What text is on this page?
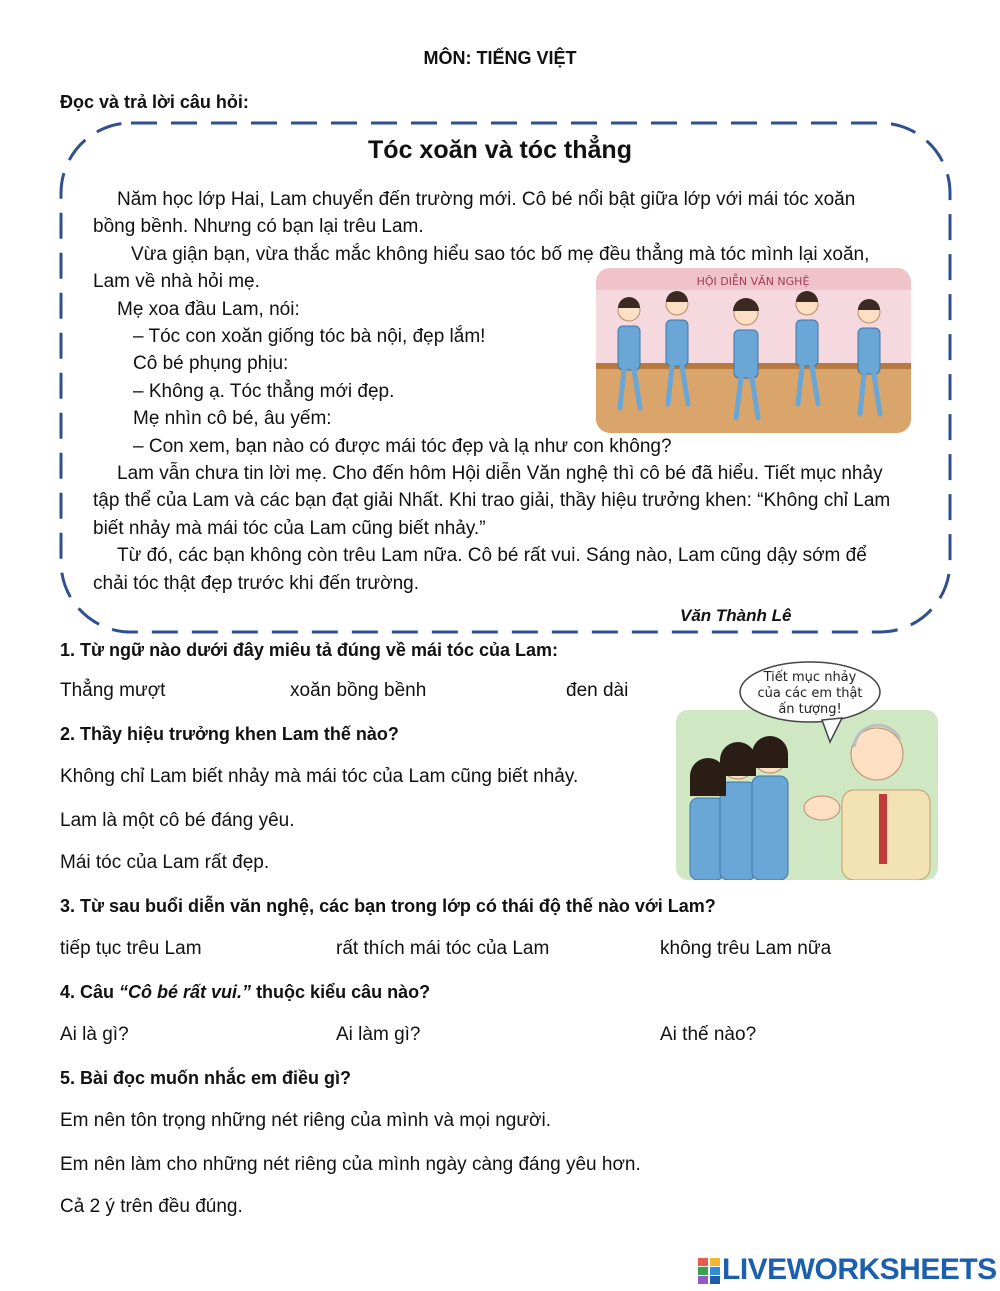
MÔN: TIẾNG VIỆT
Đọc và trả lời câu hỏi:
Tóc xoăn và tóc thẳng

Năm học lớp Hai, Lam chuyển đến trường mới. Cô bé nổi bật giữa lớp với mái tóc xoăn bồng bềnh. Nhưng có bạn lại trêu Lam.

Vừa giận bạn, vừa thắc mắc không hiểu sao tóc bố mẹ đều thẳng mà tóc mình lại xoăn, Lam về nhà hỏi mẹ.

Mẹ xoa đầu Lam, nói:

– Tóc con xoăn giống tóc bà nội, đẹp lắm!

Cô bé phụng phịu:

– Không ạ. Tóc thẳng mới đẹp.

Mẹ nhìn cô bé, âu yếm:

– Con xem, bạn nào có được mái tóc đẹp và lạ như con không?

Lam vẫn chưa tin lời mẹ. Cho đến hôm Hội diễn Văn nghệ thì cô bé đã hiểu. Tiết mục nhảy tập thể của Lam và các bạn đạt giải Nhất. Khi trao giải, thầy hiệu trưởng khen: “Không chỉ Lam biết nhảy mà mái tóc của Lam cũng biết nhảy.”

Từ đó, các bạn không còn trêu Lam nữa. Cô bé rất vui. Sáng nào, Lam cũng dậy sớm để chải tóc thật đẹp trước khi đến trường.

Văn Thành Lê
HỘI DIỄN VĂN NGHỆ
1. Từ ngữ nào dưới đây miêu tả đúng về mái tóc của Lam:
Thẳng mượt	xoăn bồng bềnh	đen dài
2. Thầy hiệu trưởng khen Lam thế nào?
Không chỉ Lam biết nhảy mà mái tóc của Lam cũng biết nhảy.
Lam là một cô bé đáng yêu.
Mái tóc của Lam rất đẹp.
Tiết mục nhảy
của các em thật
ấn tượng!
3. Từ sau buổi diễn văn nghệ, các bạn trong lớp có thái độ thế nào với Lam?
tiếp tục trêu Lam	rất thích mái tóc của Lam	không trêu Lam nữa
4. Câu “Cô bé rất vui.” thuộc kiểu câu nào?
Ai là gì?	Ai làm gì?	Ai thế nào?
5. Bài đọc muốn nhắc em điều gì?
Em nên tôn trọng những nét riêng của mình và mọi người.
Em nên làm cho những nét riêng của mình ngày càng đáng yêu hơn.
Cả 2 ý trên đều đúng.
LIVEWORKSHEETS
